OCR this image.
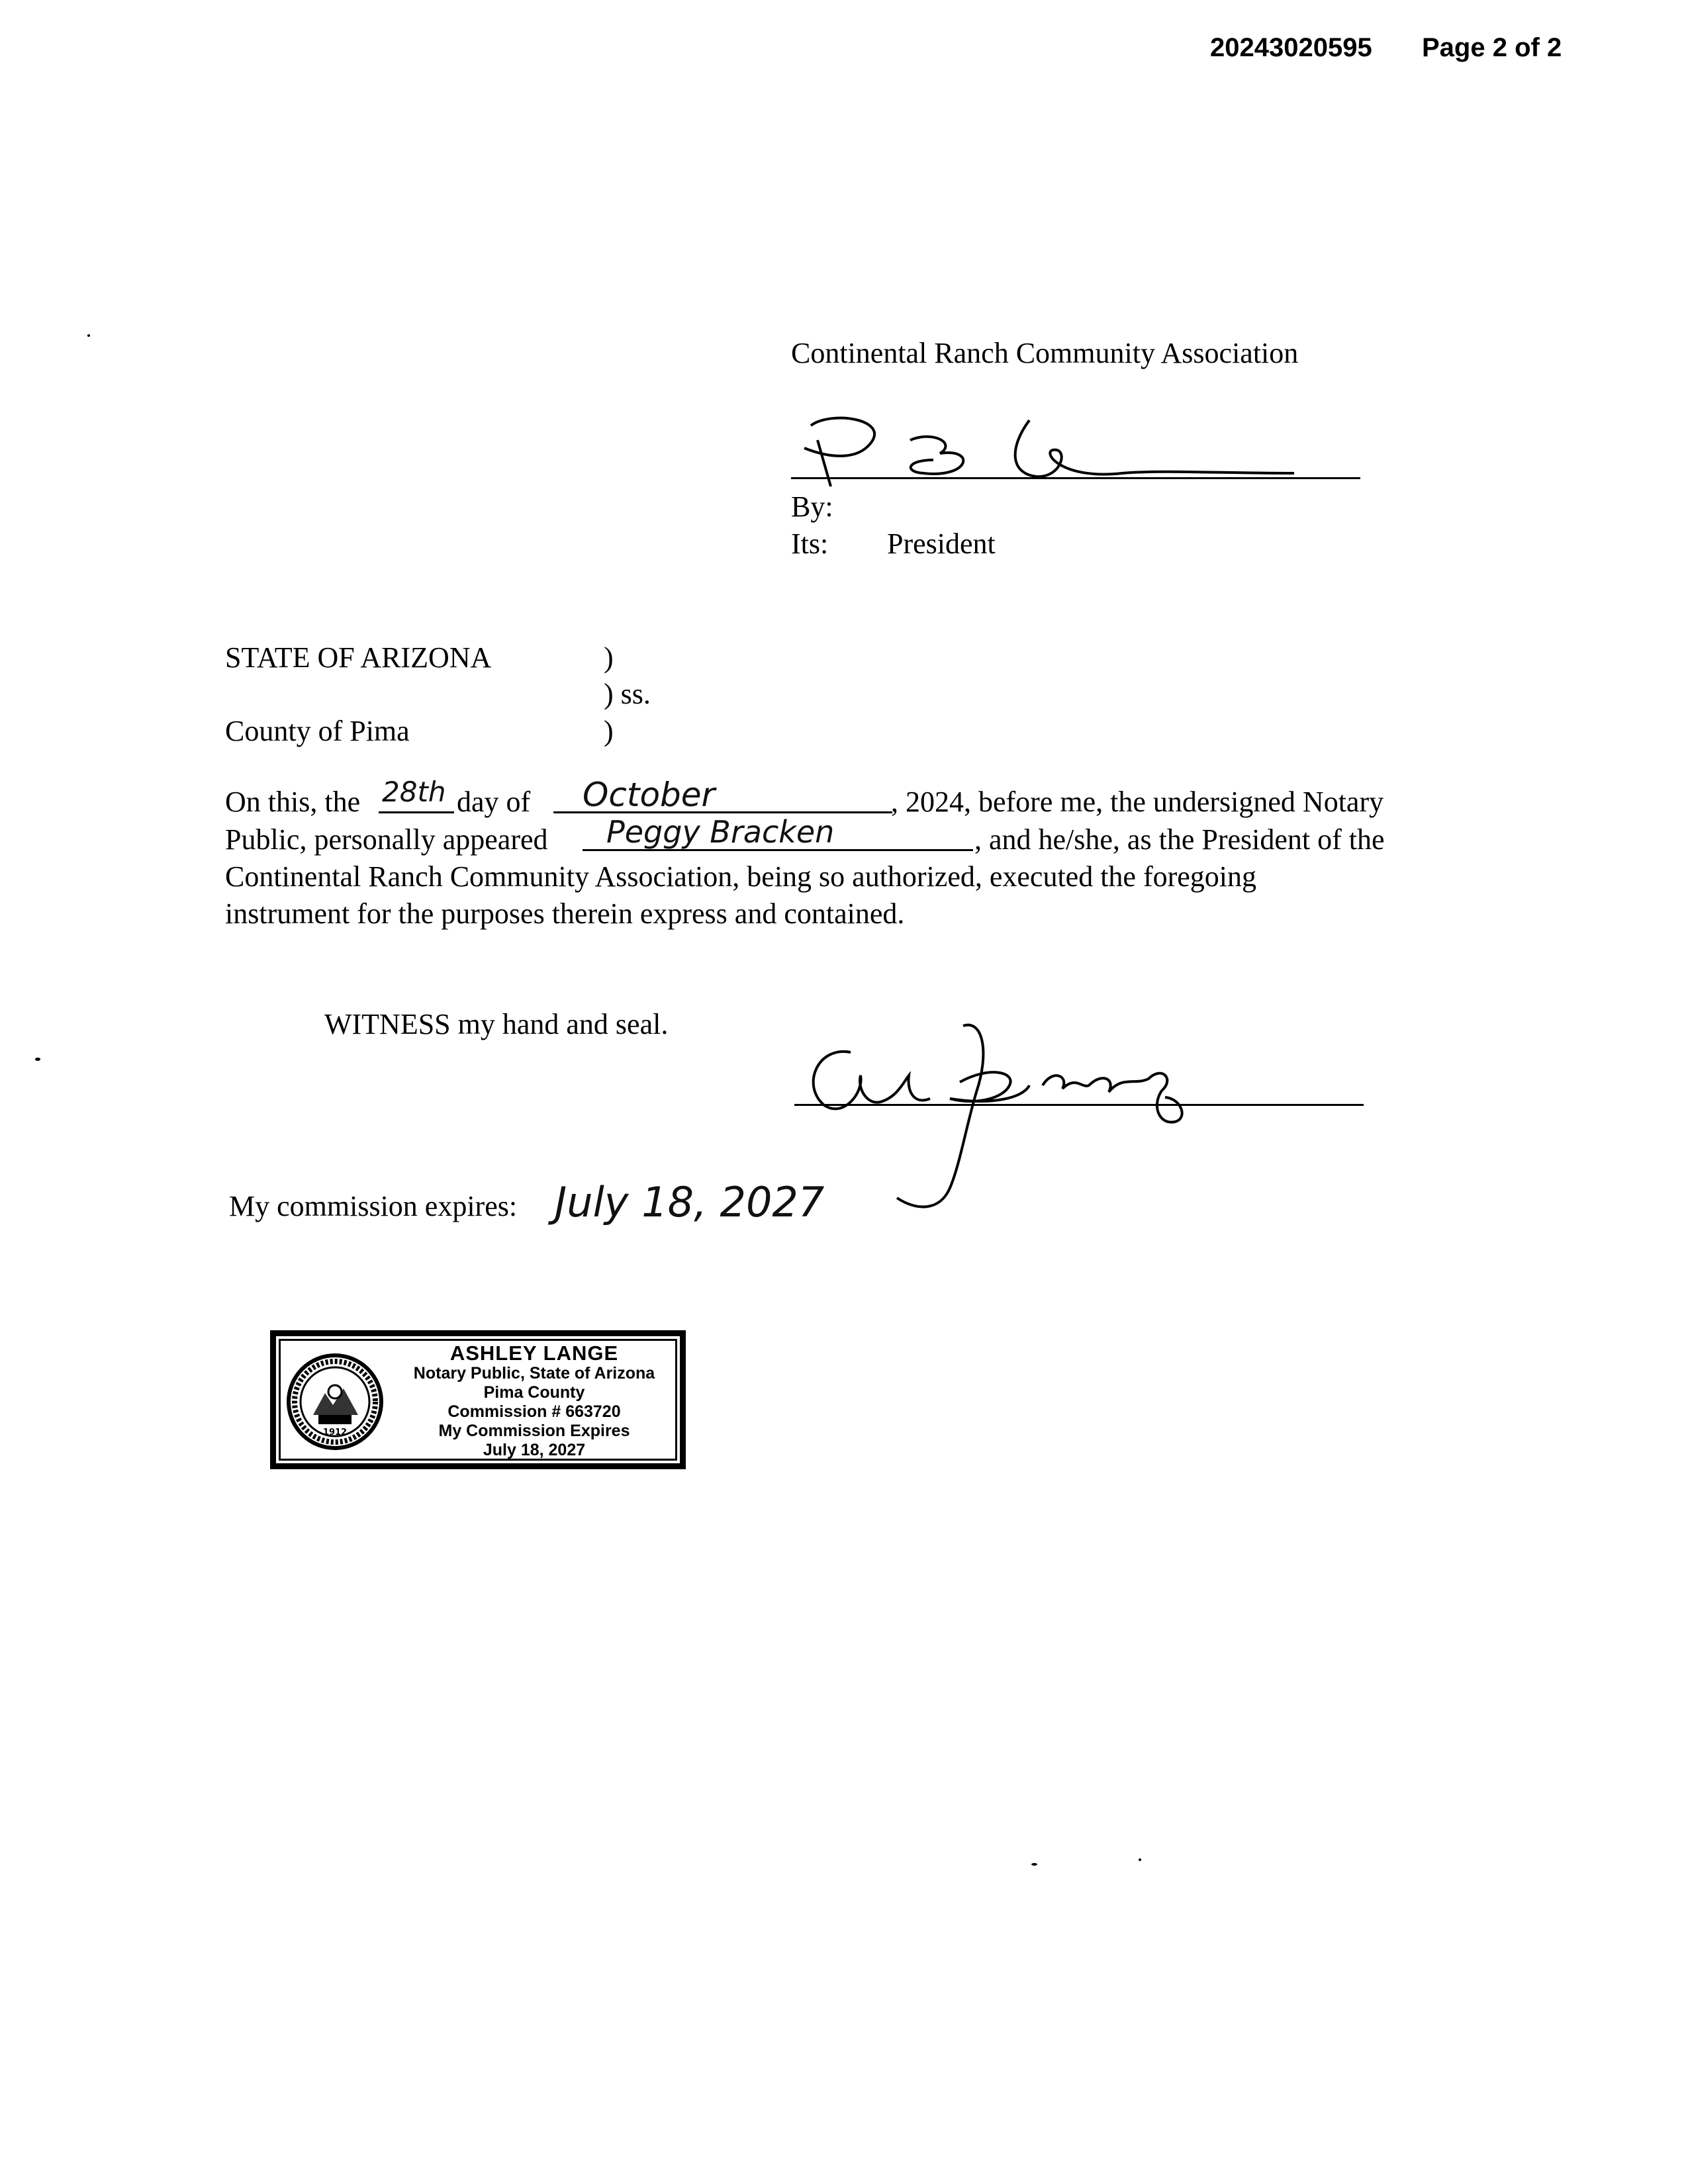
20243020595 Page 2 of 2
Continental Ranch Community Association
By:
Its: President
STATE OF ARIZONA	)
) ss.
County of Pima	)
On this, the 28th day of October	, 2024, before me, the undersigned Notary
Public, personally appeared Peggy Bracken	, and he/she, as the President of the
Continental Ranch Community Association, being so authorized, executed the foregoing
instrument for the purposes therein express and contained.
WITNESS my hand and seal.
My commission expires: July 18, 2027
1912
ASHLEY LANGE
Notary Public, State of Arizona
Pima County
Commission # 663720
My Commission Expires
July 18, 2027
